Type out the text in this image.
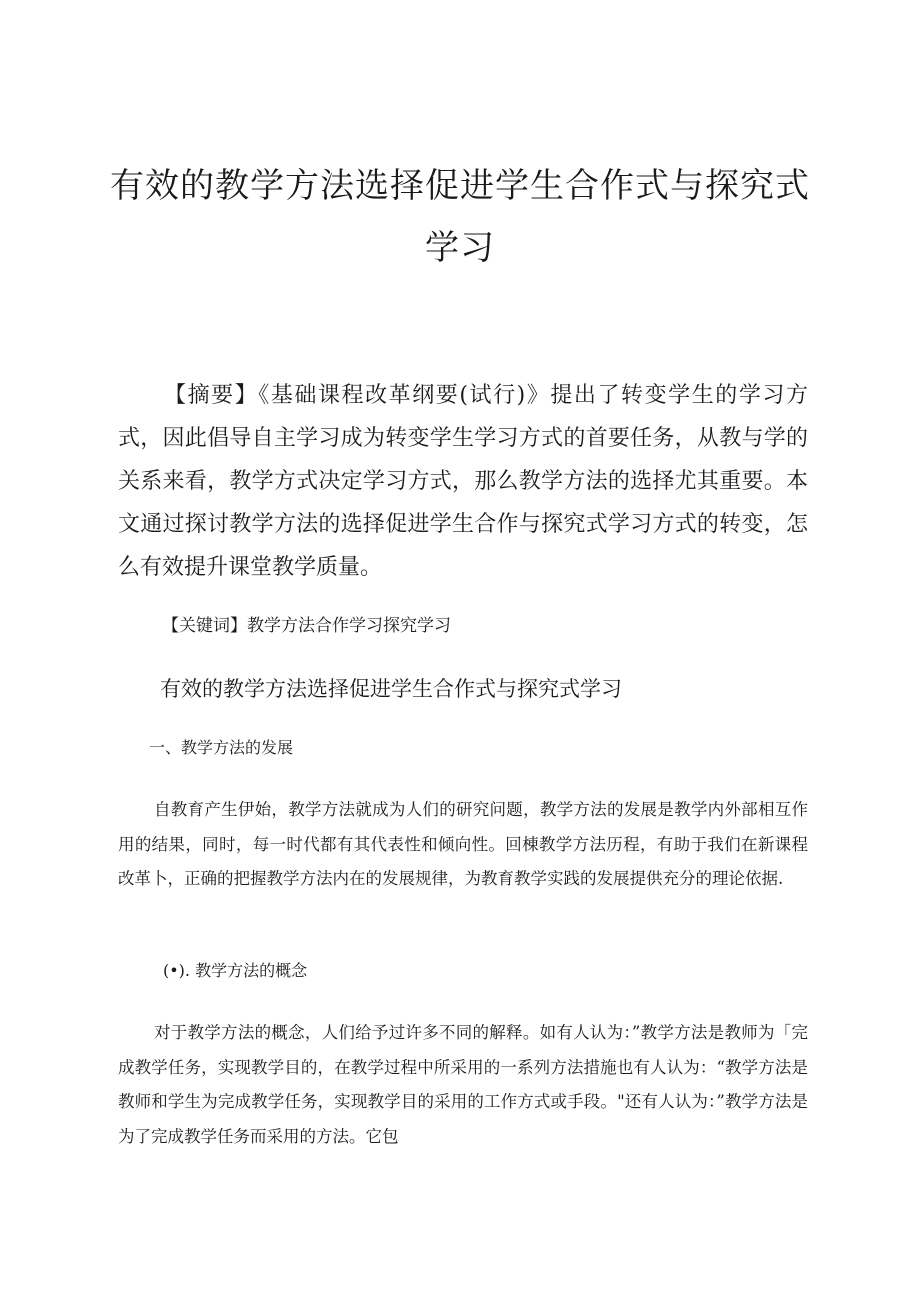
有效的教学方法选择促进学生合作式与探究式
学习

【摘要】《基础课程改革纲要(试行)》提出了转变学生的学习方式，因此倡导自主学习成为转变学生学习方式的首要任务，从教与学的关系来看，教学方式决定学习方式，那么教学方法的选择尤其重要。本文通过探讨教学方法的选择促进学生合作与探究式学习方式的转变，怎么有效提升课堂教学质量。

【关键词】教学方法合作学习探究学习

有效的教学方法选择促进学生合作式与探究式学习
一、教学方法的发展

自教育产生伊始，教学方法就成为人们的研究问题，教学方法的发展是教学内外部相互作用的结果，同时，每一时代都有其代表性和倾向性。回棟教学方法历程，有助于我们在新课程改革卜，正确的把握教学方法内在的发展规律，为教育教学实践的发展提供充分的理论依据.

(•). 教学方法的概念

对于教学方法的概念，人们给予过许多不同的解释。如有人认为：”教学方法是教师为「完成教学任务，实现教学目的，在教学过程中所采用的一系列方法措施也有人认为：“教学方法是教师和学生为完成教学任务，实现教学目的采用的工作方式或手段。"还有人认为：”教学方法是为了完成教学任务而采用的方法。它包
